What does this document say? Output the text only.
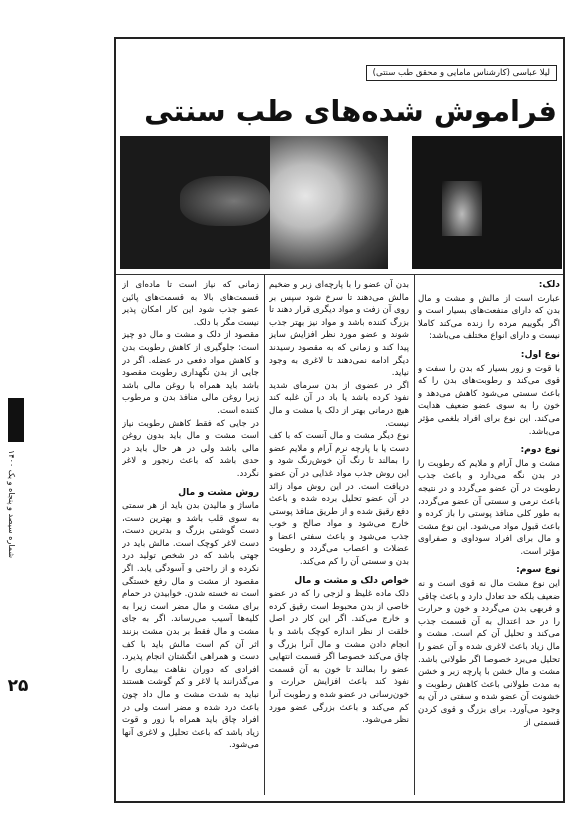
شماره سیصد و پنجاه و یک ۱۴۰۰
۲۵
لیلا عباسی (کارشناس مامایی و محقق طب سنتی)
فراموش شده‌های طب سنتی
دلک:

عبارت است از مالش و مشت و مال بدن که دارای منفعت‌های بسیار است و اگر بگوییم مرده را زنده می‌کند کاملا نیست و دارای انواع مختلف می‌باشد:

نوع اول:

با قوت و زور بسیار که بدن را سفت و قوی می‌کند و رطوبت‌های بدن را که باعث سستی می‌شود کاهش می‌دهد و خون را به سوی عضو ضعیف هدایت می‌کند. این نوع برای افراد بلغمی مؤثر می‌باشد.

نوع دوم:

مشت و مال آرام و ملایم که رطوبت را در بدن نگه می‌دارد و باعث جذب رطوبت در آن عضو می‌گردد و در نتیجه باعث نرمی و سستی آن عضو می‌گردد، به طور کلی منافذ پوستی را باز کرده و باعث قبول مواد می‌شود. این نوع مشت و مال برای افراد سوداوی و صفراوی مؤثر است.

نوع سوم:

این نوع مشت مال نه قوی است و نه ضعیف بلکه حد تعادل دارد و باعث چاقی و فربهی بدن می‌گردد و خون و حرارت را در حد اعتدال به آن قسمت جذب می‌کند و تحلیل آن کم است. مشت و مال زیاد باعث لاغری شده و آن عضو را تحلیل می‌برد خصوصا اگر طولانی باشد. مشت و مال خشن با پارچه زبر و خشن به مدت طولانی باعث کاهش رطوبت و خشونت آن عضو شده و سفتی در آن به وجود می‌آورد. برای بزرگ و قوی کردن قسمتی از

بدن آن عضو را با پارچه‌ای زبر و ضخیم مالش می‌دهند تا سرخ شود سپس بر روی آن زفت و مواد دیگری قرار دهند تا بزرگ کننده باشد و مواد نیز بهتر جذب شوند و عضو مورد نظر افزایش سایز پیدا کند و زمانی که به مقصود رسیدند دیگر ادامه نمی‌دهند تا لاغری به وجود نیاید.

اگر در عضوی از بدن سرمای شدید نفوذ کرده باشد یا باد در آن غلبه کند هیچ درمانی بهتر از دلک یا مشت و مال نیست.

نوع دیگر مشت و مال آنست که با کف دست یا با پارچه نرم آرام و ملایم عضو را بمالند تا رنگ آن خوش‌رنگ شود و این روش جذب مواد غذایی در آن عضو دریافت است. در این روش مواد زائد در آن عضو تحلیل برده شده و باعث دفع رقیق شده و از طریق منافذ پوستی خارج می‌شود و مواد صالح و خوب جذب می‌شود و باعث سفتی اعضا و عضلات و اعصاب می‌گردد و رطوبت بدن و سستی آن را کم می‌کند.

خواص دلک و مشت و مال

دلک ماده غلیظ و لزجی را که در عضو خاصی از بدن محبوط است رقیق کرده و خارج می‌کند. اگر این کار در اصل خلقت از نظر اندازه کوچک باشد و با انجام دادن مشت و مال آنرا بزرگ و چاق می‌کند خصوصا اگر قسمت انتهایی عضو را بمالند تا خون به آن قسمت نفوذ کند باعث افزایش حرارت و خون‌رسانی در عضو شده و رطوبت آنرا کم می‌کند و باعث بزرگی عضو مورد نظر می‌شود.

زمانی که نیاز است تا ماده‌ای از قسمت‌های بالا به قسمت‌های پائین عضو جذب شود این کار امکان پذیر نیست مگر با دلک.

مقصود از دلک و مشت و مال دو چیز است: جلوگیری از کاهش رطوبت بدن و کاهش مواد دفعی در عضله. اگر در جایی از بدن نگهداری رطوبت مقصود باشد باید همراه با روغن مالی باشد زیرا روغن مالی منافذ بدن و مرطوب کننده است.

در جایی که فقط کاهش رطوبت نیاز است مشت و مال باید بدون روغن مالی باشد ولی در هر حال باید در حدی باشد که باعث رنجور و لاغر نگردد.

روش مشت و مال

ماساژ و مالیدن بدن باید از هر سمتی به سوی قلب باشد و بهترین دست، دست گوشتی بزرگ و بدترین دست، دست لاغر کوچک است. مالش باید در جهتی باشد که در شخص تولید درد نکرده و از راحتی و آسودگی یابد. اگر مقصود از مشت و مال رفع خستگی است نه خسته شدن. خوابیدن در حمام برای مشت و مال مضر است زیرا به کلیه‌ها آسیب می‌رساند. اگر به جای مشت و مال فقط بر بدن مشت بزنند اثر آن کم است مالش باید با کف دست و همراهی انگشتان انجام پذیرد. افرادی که دوران نقاهت بیماری را می‌گذرانند یا لاغر و کم گوشت هستند نباید به شدت مشت و مال داد چون باعث درد شده و مضر است ولی در افراد چاق باید همراه با زور و قوت زیاد باشد که باعث تحلیل و لاغری آنها می‌شود.
